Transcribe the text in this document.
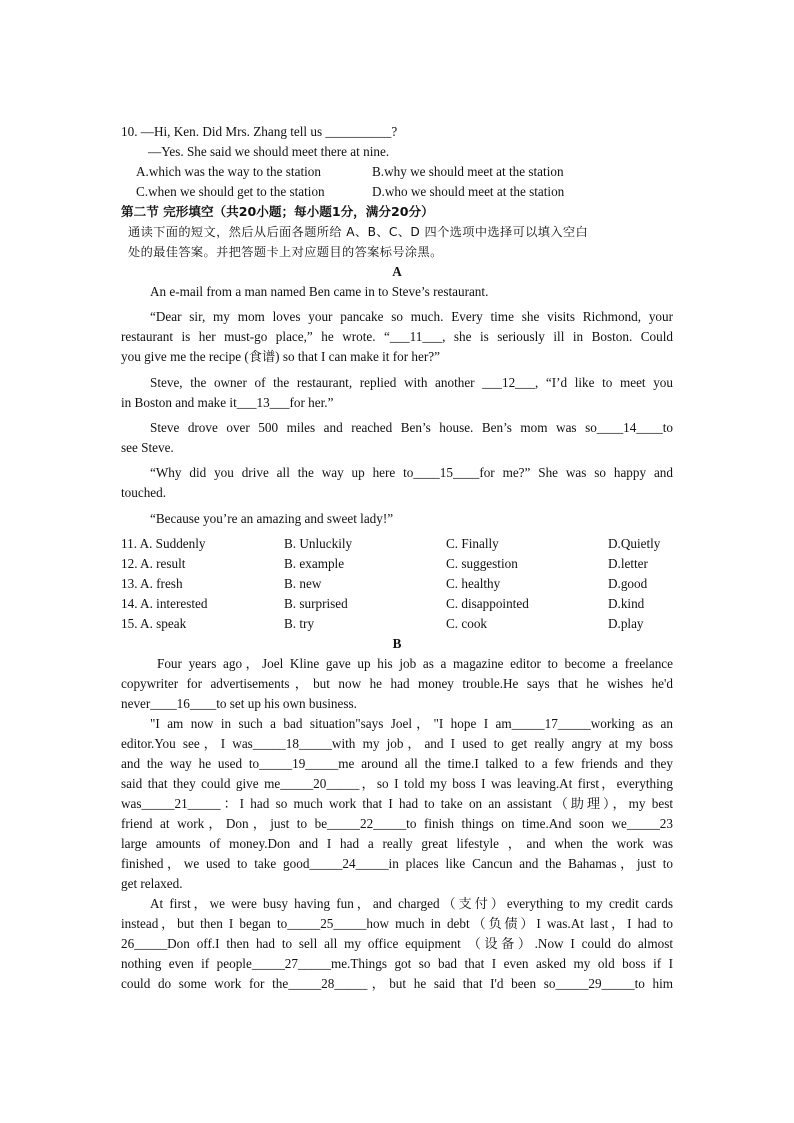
10. —Hi, Ken. Did Mrs. Zhang tell us __________?
—Yes. She said we should meet there at nine.
A.which was the way to the station	B.why we should meet at the station
C.when we should get to the station	D.who we should meet at the station
第二节 完形填空（共20小题；每小题1分，满分20分）
通读下面的短文，然后从后面各题所给 A、B、C、D 四个选项中选择可以填入空白
处的最佳答案。并把答题卡上对应题目的答案标号涂黑。
A
An e-mail from a man named Ben came in to Steve’s restaurant.
“Dear sir, my mom loves your pancake so much. Every time she visits Richmond, your
restaurant is her must-go place,” he wrote. “___11___, she is seriously ill in Boston. Could
you give me the recipe (食谱) so that I can make it for her?”
Steve, the owner of the restaurant, replied with another ___12___, “I’d like to meet you
in Boston and make it___13___for her.”
Steve drove over 500 miles and reached Ben’s house. Ben’s mom was so____14____to
see Steve.
“Why did you drive all the way up here to____15____for me?” She was so happy and
touched.
“Because you’re an amazing and sweet lady!”
11. A. Suddenly	B. Unluckily	C. Finally	D.Quietly
12. A. result	B. example	C. suggestion	D.letter
13. A. fresh	B. new	C. healthy	D.good
14. A. interested	B. surprised	C. disappointed	D.kind
15. A. speak	B. try	C. cook	D.play
B
Four years ago，Joel Kline gave up his job as a magazine editor to become a freelance
copywriter for advertisements，but now he had money trouble.He says that he wishes he'd
never____16____to set up his own business.
"I am now in such a bad situation"says Joel，"I hope I am_____17_____working as an
editor.You see，I was_____18_____with my job，and I used to get really angry at my boss
and the way he used to_____19_____me around all the time.I talked to a few friends and they
said that they could give me_____20_____，so I told my boss I was leaving.At first，everything
was_____21_____：I had so much work that I had to take on an assistant（助理），my best
friend at work，Don，just to be_____22_____to finish things on time.And soon we_____23
large amounts of money.Don and I had a really great lifestyle ，and when the work was
finished，we used to take good_____24_____in places like Cancun and the Bahamas，just to
get relaxed.
At first，we were busy having fun，and charged（支付）everything to my credit cards
instead，but then I began to_____25_____how much in debt（负债）I was.At last，I had to
26_____Don off.I then had to sell all my office equipment （设备）.Now I could do almost
nothing even if people_____27_____me.Things got so bad that I even asked my old boss if I
could do some work for the_____28_____，but he said that I'd been so_____29_____to him
